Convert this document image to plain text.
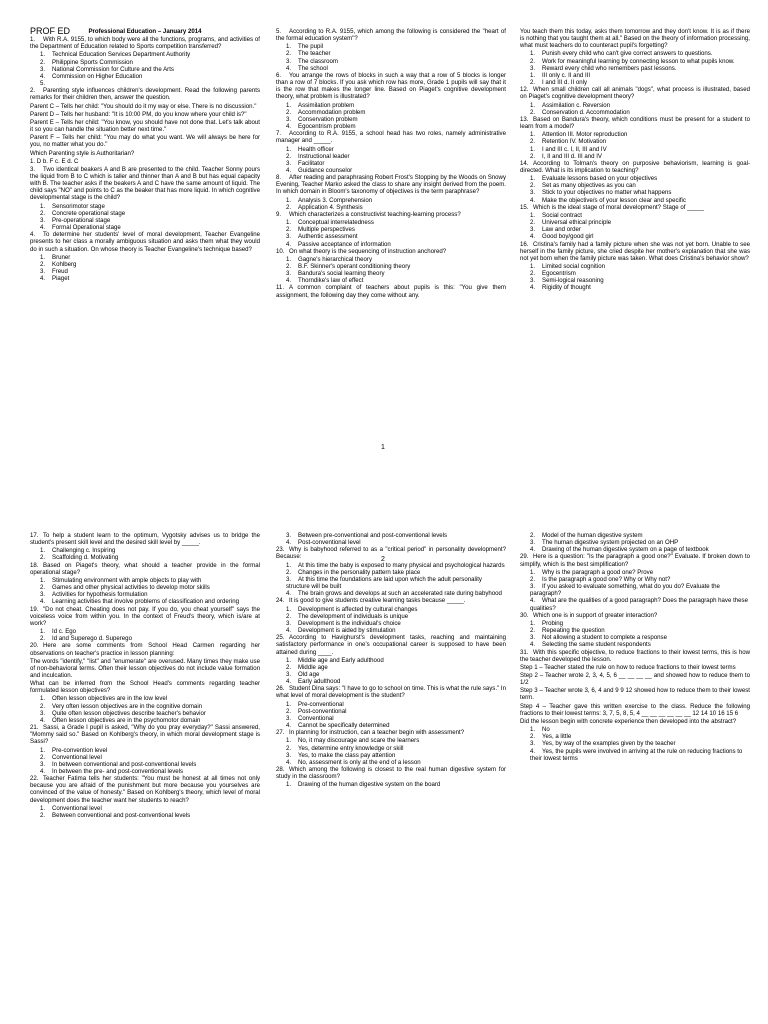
Professional Education – January 2014
1. With R.A. 9155, to which body were all the functions, programs, and activities of the Department of Education related to Sports competition transferred?
1. Technical Education Services Department Authority
2. Philippine Sports Commission
3. National Commission for Culture and the Arts
4. Commission on Higher Education
5.
2. Parenting style influences children's development. Read the following parents remarks for their children then, answer the question.
Parent C – Tells her child: "You should do it my way or else. There is no discussion."
Parent D – Tells her husband: "It is 10:00 PM, do you know where your child is?"
Parent E – Tells her child: "You know, you should have not done that. Let's talk about it so you can handle the situation better next time."
Parent F – Tells her child: "You may do what you want. We will always be here for you, no matter what you do."
Which Parenting style is Authoritarian?
1. D b. F c. E d. C
3. Two identical beakers A and B are presented to the child. Teacher Sonny pours the liquid from B to C which is taller and thinner than A and B but has equal capacity with B. The teacher asks if the beakers A and C have the same amount of liquid. The child says "NO" and points to C as the beaker that has more liquid. In which cognitive developmental stage is the child?
1. Sensorimotor stage
2. Concrete operational stage
3. Pre-operational stage
4. Formal Operational stage
4. To determine her students' level of moral development, Teacher Evangeline presents to her class a morally ambiguous situation and asks them what they would do in such a situation. On whose theory is Teacher Evangeline's technique based?
1. Bruner
2. Kohlberg
3. Freud
4. Piaget
5. According to R.A. 9155, which among the following is considered the "heart of the formal education system"?
1. The pupil
2. The teacher
3. The classroom
4. The school
6. You arrange the rows of blocks in such a way that a row of 5 blocks is longer than a row of 7 blocks. If you ask which row has more, Grade 1 pupils will say that it is the row that makes the longer line. Based on Piaget's cognitive development theory, what problem is illustrated?
1. Assimilation problem
2. Accommodation problem
3. Conservation problem
4. Egocentrism problem
7. According to R.A. 9155, a school head has two roles, namely administrative manager and _____.
1. Health officer
2. Instructional leader
3. Facilitator
4. Guidance counselor
8. After reading and paraphrasing Robert Frost's Stopping by the Woods on Snowy Evening, Teacher Marko asked the class to share any insight derived from the poem. In which domain in Bloom's taxonomy of objectives is the term paraphrase?
1. Analysis 3. Comprehension
2. Application 4. Synthesis
9. Which characterizes a constructivist teaching-learning process?
1. Conceptual interrelatedness
2. Multiple perspectives
3. Authentic assessment
4. Passive acceptance of information
10. On what theory is the sequencing of instruction anchored?
1. Gagne's hierarchical theory
2. B.F. Skinner's operant conditioning theory
3. Bandura's social learning theory
4. Thorndike's law of effect
11. A common complaint of teachers about pupils is this: "You give them assignment, the following day they come without any.
You teach them this today, asks them tomorrow and they don't know. It is as if there is nothing that you taught them at all." Based on the theory of information processing, what must teachers do to counteract pupil's forgetting?
1. Punish every child who can't give correct answers to questions.
2. Work for meaningful learning by connecting lesson to what pupils know.
3. Reward every child who remembers past lessons.
1. III only c. II and III
2. I and III d. II only
12. When small children call all animals "dogs", what process is illustrated, based on Piaget's cognitive development theory?
1. Assimilation c. Reversion
2. Conservation d. Accommodation
13. Based on Bandura's theory, which conditions must be present for a student to learn from a model?
1. Attention III. Motor reproduction
2. Retention IV. Motivation
1. I and III c. I, II, III and IV
2. I, II and III d. III and IV
14. According to Tolman's theory on purposive behaviorism, learning is goal-directed. What is its implication to teaching?
1. Evaluate lessons based on your objectives
2. Set as many objectives as you can
3. Stick to your objectives no matter what happens
4. Make the objective/s of your lesson clear and specific
15. Which is the ideal stage of moral development? Stage of _____
1. Social contract
2. Universal ethical principle
3. Law and order
4. Good boy/good girl
16. Cristina's family had a family picture when she was not yet born. Unable to see herself in the family picture, she cried despite her mother's explanation that she was not yet born when the family picture was taken. What does Cristina's behavior show?
1. Limited social cognition
2. Egocentrism
3. Semi-logical reasoning
4. Rigidity of thought
1
PROF ED
17. To help a student learn to the optimum, Vygotsky advises us to bridge the student's present skill level and the desired skill level by _____.
1. Challenging c. Inspiring
2. Scaffolding d. Motivating
18. Based on Piaget's theory, what should a teacher provide in the formal operational stage?
1. Stimulating environment with ample objects to play with
2. Games and other physical activities to develop motor skills
3. Activities for hypothesis formulation
4. Learning activities that involve problems of classification and ordering
19. "Do not cheat. Cheating does not pay. If you do, you cheat yourself" says the voiceless voice from within you. In the context of Freud's theory, which is/are at work?
1. Id c. Ego
2. Id and Superego d. Superego
20. Here are some comments from School Head Carmen regarding her observations on teacher's practice in lesson planning:
The words "identify," "list" and "enumerate" are overused. Many times they make use of non-behavioral terms. Often their lesson objectives do not include value formation and inculcation.
What can be inferred from the School Head's comments regarding teacher formulated lesson objectives?
1. Often lesson objectives are in the low level
2. Very often lesson objectives are in the cognitive domain
3. Quite often lesson objectives describe teacher's behavior
4. Often lesson objectives are in the psychomotor domain
21. Sassi, a Grade I pupil is asked, "Why do you pray everyday?" Sassi answered, "Mommy said so." Based on Kohlberg's theory, in which moral development stage is Sassi?
1. Pre-convention level
2. Conventional level
3. In between conventional and post-conventional levels
4. In between the pre- and post-conventional levels
22. Teacher Fatima tells her students: "You must be honest at all times not only because you are afraid of the punishment but more because you yourselves are convinced of the value of honesty." Based on Kohlberg's theory, which level of moral development does the teacher want her students to reach?
1. Conventional level
2. Between conventional and post-conventional levels
3. Between pre-conventional and post-conventional levels
4. Post-conventional level
23. Why is babyhood referred to as a "critical period" in personality development? Because:
1. At this time the baby is exposed to many physical and psychological hazards
2. Changes in the personality pattern take place
3. At this time the foundations are laid upon which the adult personality structure will be built
4. The brain grows and develops at such an accelerated rate during babyhood
24. It is good to give students creative learning tasks because _____.
1. Development is affected by cultural changes
2. The development of individuals is unique
3. Development is the individual's choice
4. Development is aided by stimulation
25. According to Havighurst's development tasks, reaching and maintaining satisfactory performance in one's occupational career is supposed to have been attained during ____.
1. Middle age and Early adulthood
2. Middle age
3. Old age
4. Early adulthood
26. Student Dina says: "I have to go to school on time. This is what the rule says." In what level of moral development is the student?
1. Pre-conventional
2. Post-conventional
3. Conventional
4. Cannot be specifically determined
27. In planning for instruction, can a teacher begin with assessment?
1. No, it may discourage and scare the learners
2. Yes, determine entry knowledge or skill
3. Yes, to make the class pay attention
4. No, assessment is only at the end of a lesson
28. Which among the following is closest to the real human digestive system for study in the classroom?
1. Drawing of the human digestive system on the board
2. Model of the human digestive system
3. The human digestive system projected on an OHP
4. Drawing of the human digestive system on a page of textbook
29. Here is a question: "Is the paragraph a good one?" Evaluate. If broken down to simplify, which is the best simplification?
1. Why is the paragraph a good one? Prove
2. Is the paragraph a good one? Why or Why not?
3. If you asked to evaluate something, what do you do? Evaluate the paragraph?
4. What are the qualities of a good paragraph? Does the paragraph have these qualities?
30. Which one is in support of greater interaction?
1. Probing
2. Repeating the question
3. Not allowing a student to complete a response
4. Selecting the same student respondents
31. With this specific objective, to reduce fractions to their lowest terms, this is how the teacher developed the lesson.
Step 1 – Teacher stated the rule on how to reduce fractions to their lowest terms
Step 2 – Teacher wrote 2, 3, 4, 5, 6 __ __ __ __ and showed how to reduce them to 1/2
Step 3 – Teacher wrote 3, 6, 4 and 9 9 12 showed how to reduce them to their lowest term.
Step 4 – Teacher gave this written exercise to the class. Reduce the following fractions to their lowest terms: 3, 7, 5, 8, 5, 4 __ __ __ __ __ __ 12 14 10 16 15 6
Did the lesson begin with concrete experience then developed into the abstract?
1. No
2. Yes, a little
3. Yes, by way of the examples given by the teacher
4. Yes, the pupils were involved in arriving at the rule on reducing fractions to their lowest terms
2
